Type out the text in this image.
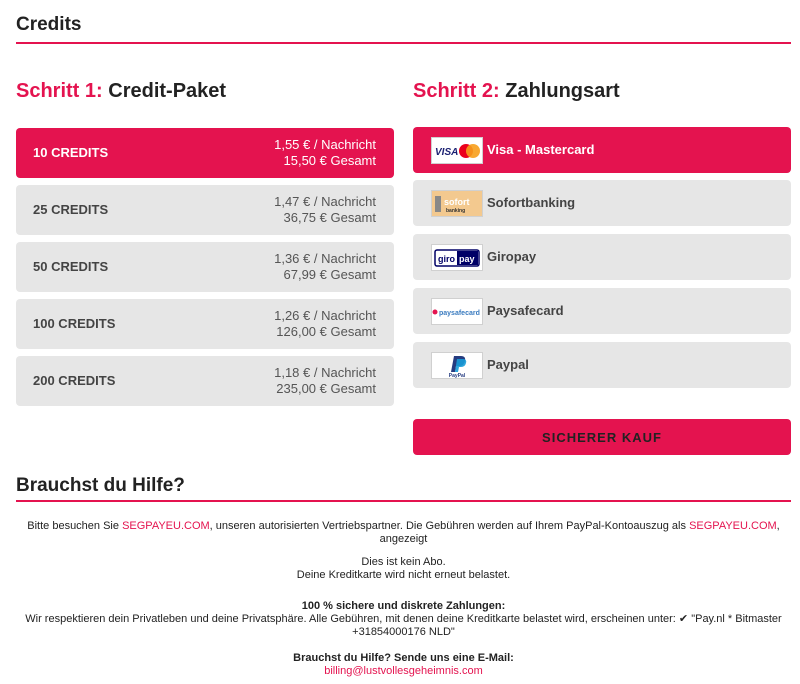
Credits
Schritt 1: Credit-Paket	Schritt 2: Zahlungsart
10 CREDITS
1,55 € / Nachricht
15,50 € Gesamt
25 CREDITS
1,47 € / Nachricht
36,75 € Gesamt
50 CREDITS
1,36 € / Nachricht
67,99 € Gesamt
100 CREDITS
1,26 € / Nachricht
126,00 € Gesamt
200 CREDITS
1,18 € / Nachricht
235,00 € Gesamt
VISA Visa - Mastercard
sofort
banking
Sofortbanking
giro pay Giropay
paysafecard Paysafecard
PayPal
Paypal
SICHERER KAUF
Brauchst du Hilfe?
Bitte besuchen Sie SEGPAYEU.COM, unseren autorisierten Vertriebspartner. Die Gebühren werden auf Ihrem PayPal-Kontoauszug als SEGPAYEU.COM, angezeigt
Dies ist kein Abo.
Deine Kreditkarte wird nicht erneut belastet.
100 % sichere und diskrete Zahlungen:
Wir respektieren dein Privatleben und deine Privatsphäre. Alle Gebühren, mit denen deine Kreditkarte belastet wird, erscheinen unter: ✔ "Pay.nl * Bitmaster +31854000176 NLD"
Brauchst du Hilfe? Sende uns eine E-Mail:
billing@lustvollesgeheimnis.com
